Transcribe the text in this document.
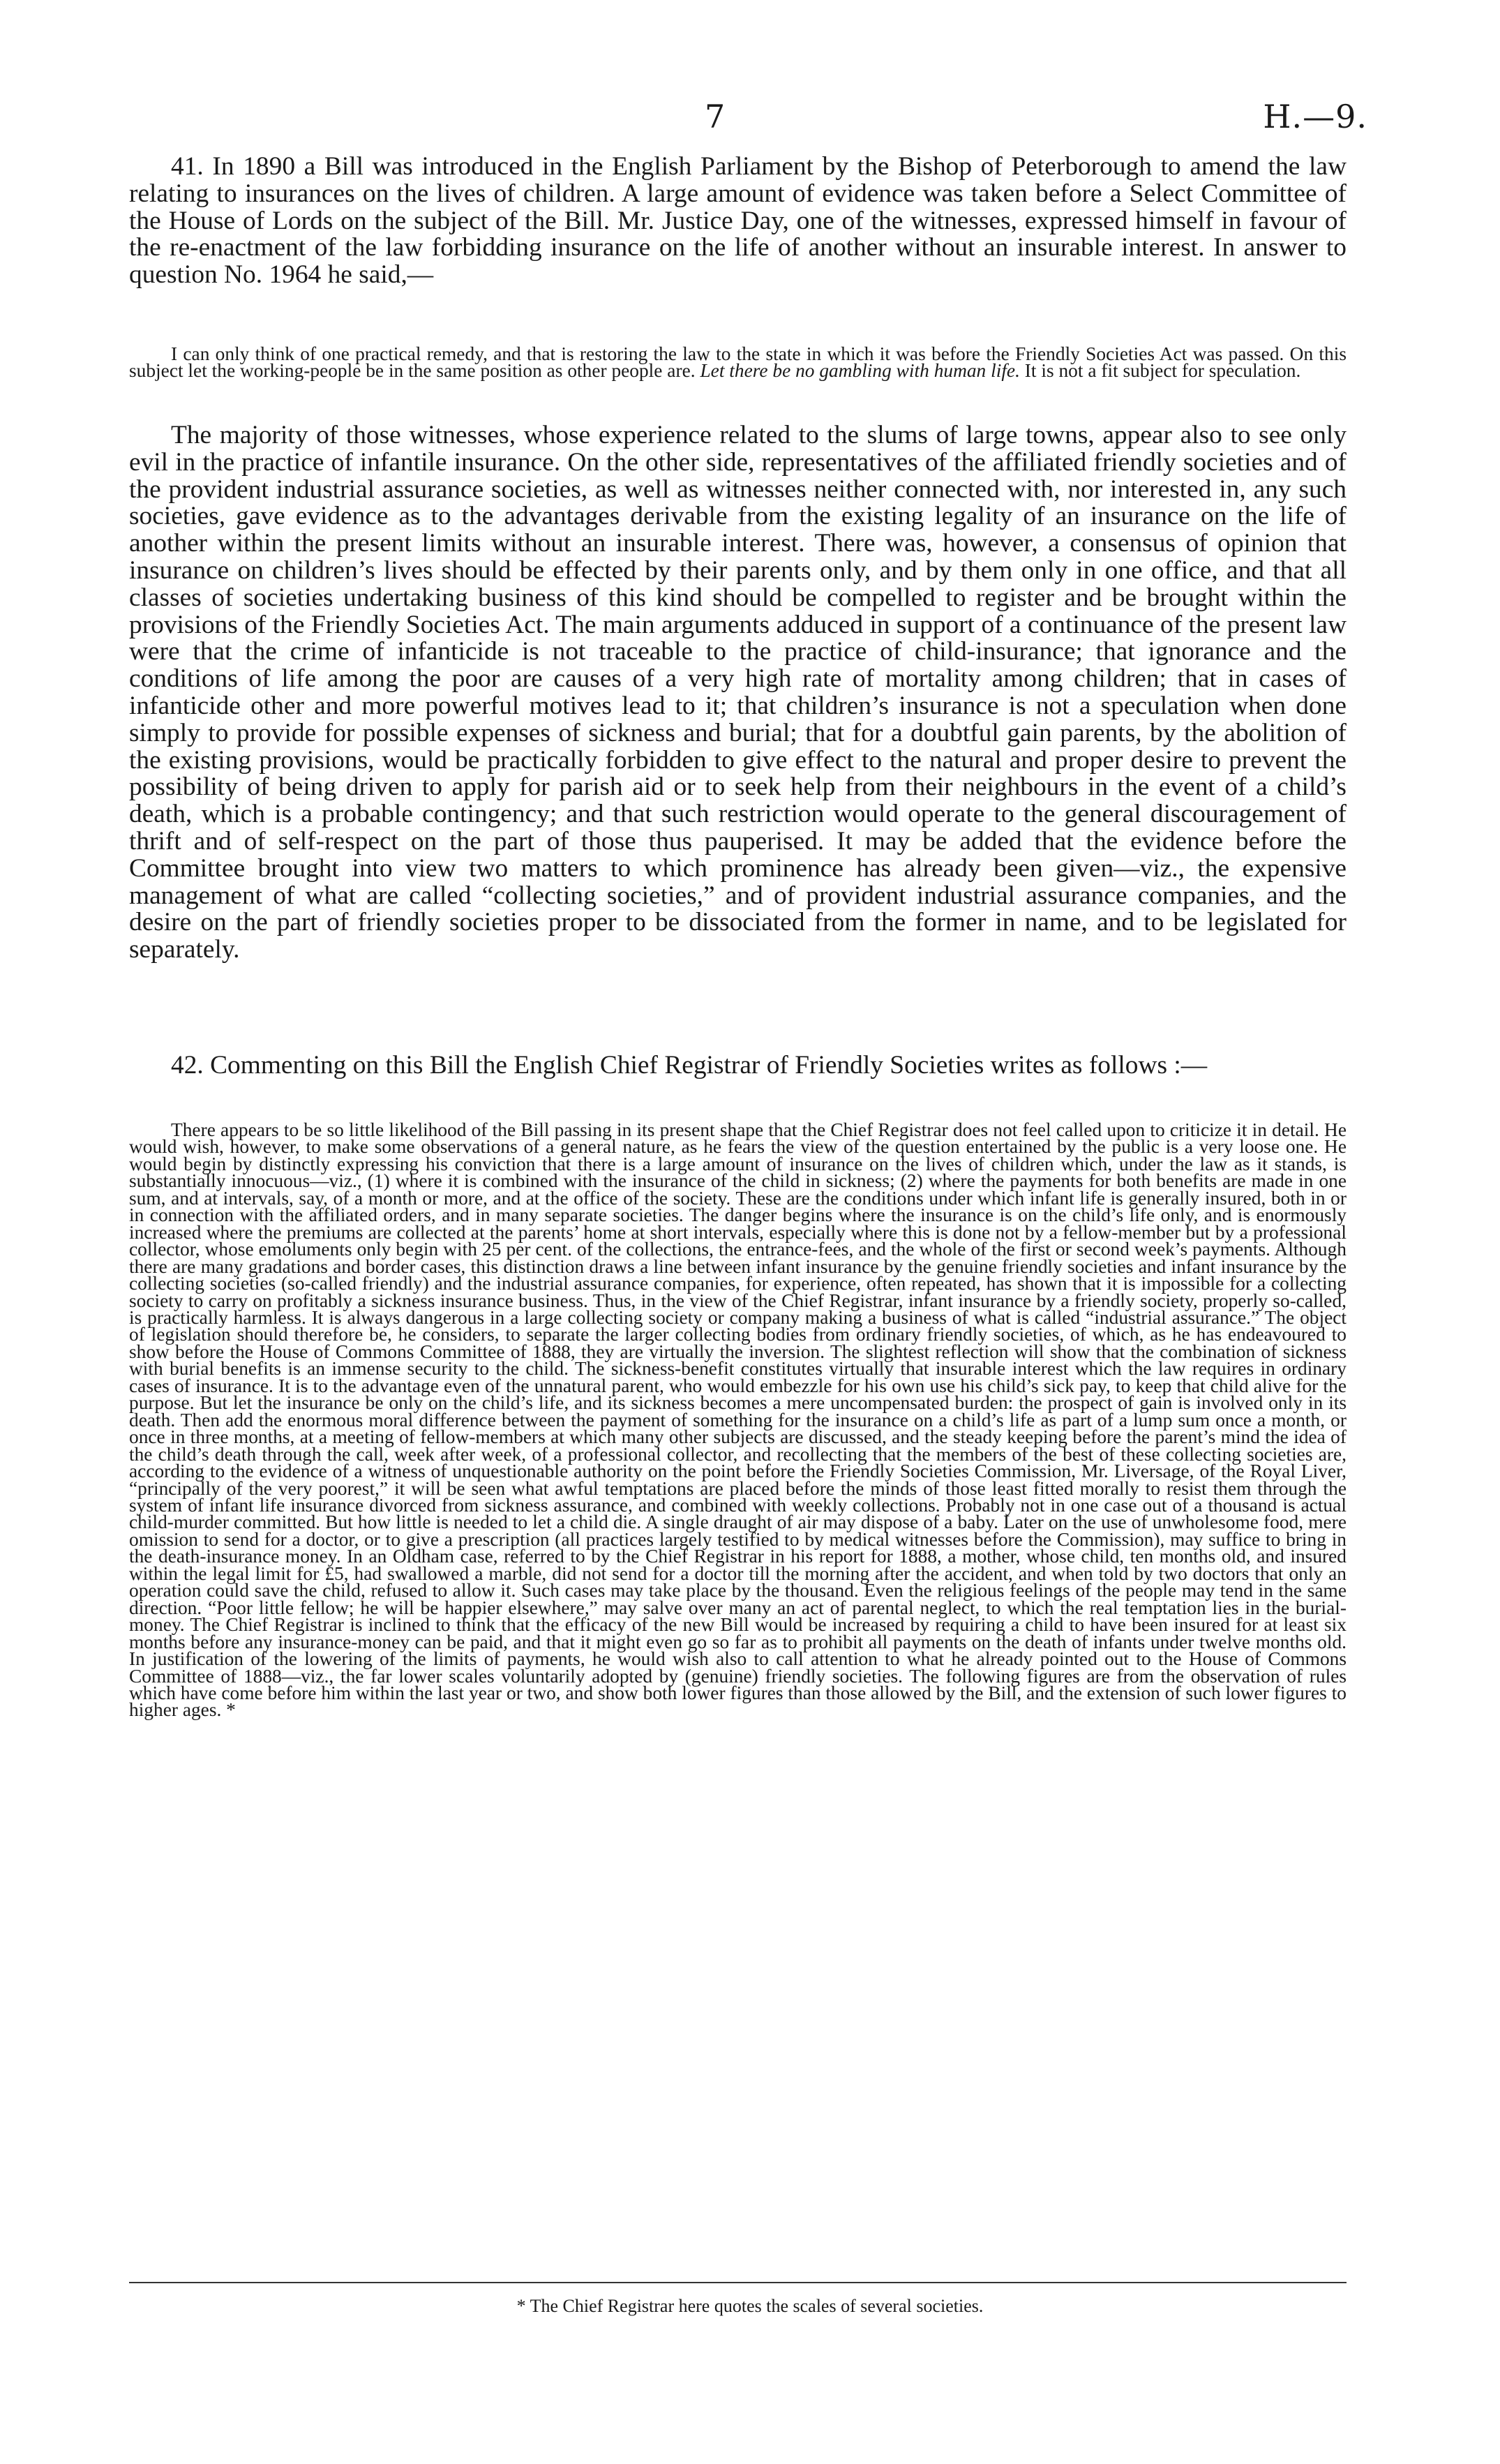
7	H.—9.

41. In 1890 a Bill was introduced in the English Parliament by the Bishop of Peterborough to amend the law relating to insurances on the lives of children. A large amount of evidence was taken before a Select Committee of the House of Lords on the subject of the Bill. Mr. Justice Day, one of the witnesses, expressed himself in favour of the re-enactment of the law forbidding insurance on the life of another without an insurable interest. In answer to question No. 1964 he said,—

I can only think of one practical remedy, and that is restoring the law to the state in which it was before the Friendly Societies Act was passed. On this subject let the working-people be in the same position as other people are. Let there be no gambling with human life. It is not a fit subject for speculation.

The majority of those witnesses, whose experience related to the slums of large towns, appear also to see only evil in the practice of infantile insurance. On the other side, representatives of the affiliated friendly societies and of the provident industrial assurance societies, as well as witnesses neither connected with, nor interested in, any such societies, gave evidence as to the advantages derivable from the existing legality of an insurance on the life of another within the present limits without an insurable interest. There was, however, a consensus of opinion that insurance on children’s lives should be effected by their parents only, and by them only in one office, and that all classes of societies undertaking business of this kind should be compelled to register and be brought within the provisions of the Friendly Societies Act. The main arguments adduced in support of a continuance of the present law were that the crime of infanticide is not traceable to the practice of child-insurance; that ignorance and the conditions of life among the poor are causes of a very high rate of mortality among children; that in cases of infanticide other and more powerful motives lead to it; that children’s insurance is not a speculation when done simply to provide for possible expenses of sickness and burial; that for a doubtful gain parents, by the abolition of the existing provisions, would be practically forbidden to give effect to the natural and proper desire to prevent the possibility of being driven to apply for parish aid or to seek help from their neighbours in the event of a child’s death, which is a probable contingency; and that such restriction would operate to the general discouragement of thrift and of self-respect on the part of those thus pauperised. It may be added that the evidence before the Committee brought into view two matters to which prominence has already been given—viz., the expensive management of what are called “collecting societies,” and of provident industrial assurance companies, and the desire on the part of friendly societies proper to be dissociated from the former in name, and to be legislated for separately.

42. Commenting on this Bill the English Chief Registrar of Friendly Societies writes as follows :—

There appears to be so little likelihood of the Bill passing in its present shape that the Chief Registrar does not feel called upon to criticize it in detail. He would wish, however, to make some observations of a general nature, as he fears the view of the question entertained by the public is a very loose one. He would begin by distinctly expressing his conviction that there is a large amount of insurance on the lives of children which, under the law as it stands, is substantially innocuous—viz., (1) where it is combined with the insurance of the child in sickness; (2) where the payments for both benefits are made in one sum, and at intervals, say, of a month or more, and at the office of the society. These are the conditions under which infant life is generally insured, both in or in connection with the affiliated orders, and in many separate societies. The danger begins where the insurance is on the child’s life only, and is enormously increased where the premiums are collected at the parents’ home at short intervals, especially where this is done not by a fellow-member but by a professional collector, whose emoluments only begin with 25 per cent. of the collections, the entrance-fees, and the whole of the first or second week’s payments. Although there are many gradations and border cases, this distinction draws a line between infant insurance by the genuine friendly societies and infant insurance by the collecting societies (so-called friendly) and the industrial assurance companies, for experience, often repeated, has shown that it is impossible for a collecting society to carry on profitably a sickness insurance business. Thus, in the view of the Chief Registrar, infant insurance by a friendly society, properly so-called, is practically harmless. It is always dangerous in a large collecting society or company making a business of what is called “industrial assurance.” The object of legislation should therefore be, he considers, to separate the larger collecting bodies from ordinary friendly societies, of which, as he has endeavoured to show before the House of Commons Committee of 1888, they are virtually the inversion. The slightest reflection will show that the combination of sickness with burial benefits is an immense security to the child. The sickness-benefit constitutes virtually that insurable interest which the law requires in ordinary cases of insurance. It is to the advantage even of the unnatural parent, who would embezzle for his own use his child’s sick pay, to keep that child alive for the purpose. But let the insurance be only on the child’s life, and its sickness becomes a mere uncompensated burden: the prospect of gain is involved only in its death. Then add the enormous moral difference between the payment of something for the insurance on a child’s life as part of a lump sum once a month, or once in three months, at a meeting of fellow-members at which many other subjects are discussed, and the steady keeping before the parent’s mind the idea of the child’s death through the call, week after week, of a professional collector, and recollecting that the members of the best of these collecting societies are, according to the evidence of a witness of unquestionable authority on the point before the Friendly Societies Commission, Mr. Liversage, of the Royal Liver, “principally of the very poorest,” it will be seen what awful temptations are placed before the minds of those least fitted morally to resist them through the system of infant life insurance divorced from sickness assurance, and combined with weekly collections. Probably not in one case out of a thousand is actual child-murder committed. But how little is needed to let a child die. A single draught of air may dispose of a baby. Later on the use of unwholesome food, mere omission to send for a doctor, or to give a prescription (all practices largely testified to by medical witnesses before the Commission), may suffice to bring in the death-insurance money. In an Oldham case, referred to by the Chief Registrar in his report for 1888, a mother, whose child, ten months old, and insured within the legal limit for £5, had swallowed a marble, did not send for a doctor till the morning after the accident, and when told by two doctors that only an operation could save the child, refused to allow it. Such cases may take place by the thousand. Even the religious feelings of the people may tend in the same direction. “Poor little fellow; he will be happier elsewhere,” may salve over many an act of parental neglect, to which the real temptation lies in the burial-money. The Chief Registrar is inclined to think that the efficacy of the new Bill would be increased by requiring a child to have been insured for at least six months before any insurance-money can be paid, and that it might even go so far as to prohibit all payments on the death of infants under twelve months old. In justification of the lowering of the limits of payments, he would wish also to call attention to what he already pointed out to the House of Commons Committee of 1888—viz., the far lower scales voluntarily adopted by (genuine) friendly societies. The following figures are from the observation of rules which have come before him within the last year or two, and show both lower figures than those allowed by the Bill, and the extension of such lower figures to higher ages. *

* The Chief Registrar here quotes the scales of several societies.
